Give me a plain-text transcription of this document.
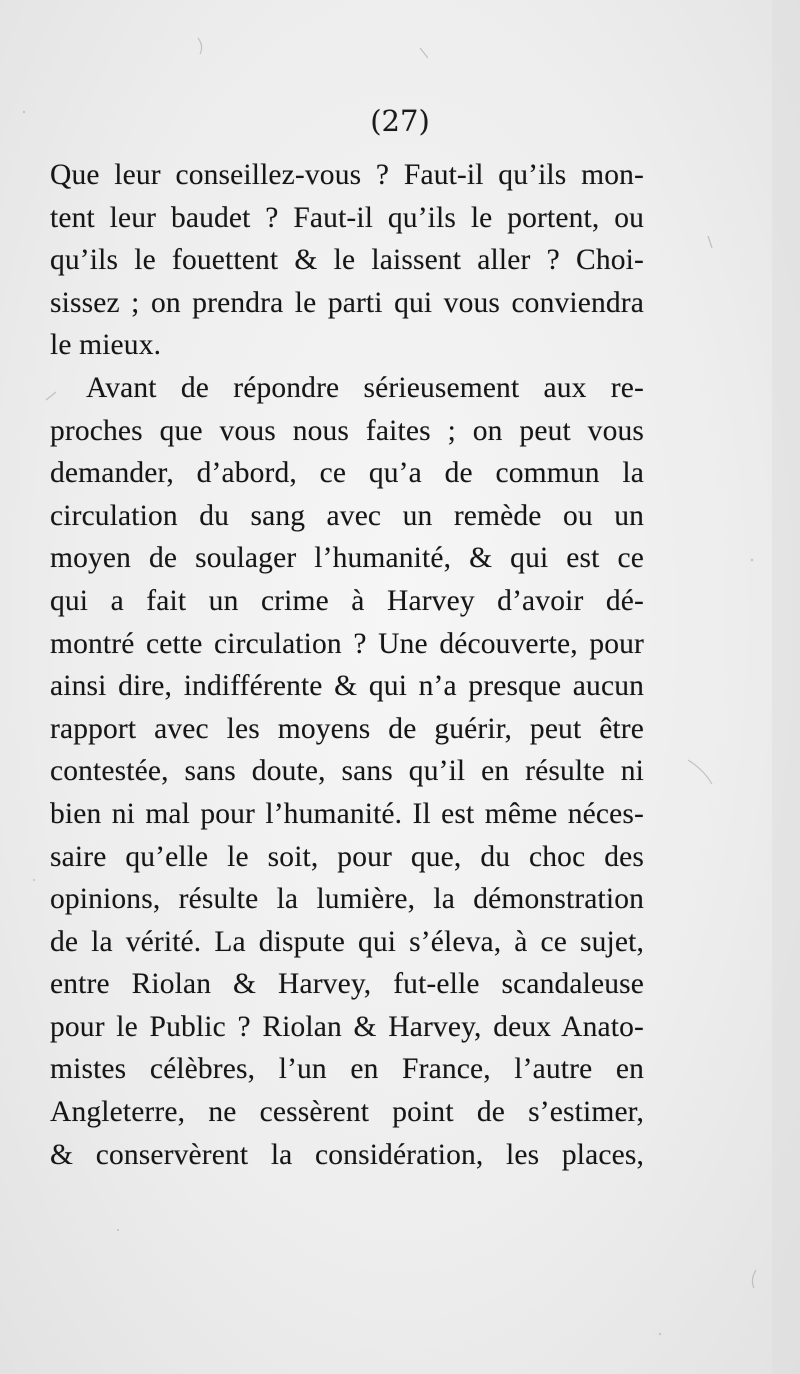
(27)
Que leur conseillez-vous ? Faut-il qu’ils mon-
tent leur baudet ? Faut-il qu’ils le portent, ou
qu’ils le fouettent & le laissent aller ? Choi-
sissez ; on prendra le parti qui vous conviendra
le mieux.
Avant de répondre sérieusement aux re-
proches que vous nous faites ; on peut vous
demander, d’abord, ce qu’a de commun la
circulation du sang avec un remède ou un
moyen de soulager l’humanité, & qui est ce
qui a fait un crime à Harvey d’avoir dé-
montré cette circulation ? Une découverte, pour
ainsi dire, indifférente & qui n’a presque aucun
rapport avec les moyens de guérir, peut être
contestée, sans doute, sans qu’il en résulte ni
bien ni mal pour l’humanité. Il est même néces-
saire qu’elle le soit, pour que, du choc des
opinions, résulte la lumière, la démonstration
de la vérité. La dispute qui s’éleva, à ce sujet,
entre Riolan & Harvey, fut-elle scandaleuse
pour le Public ? Riolan & Harvey, deux Anato-
mistes célèbres, l’un en France, l’autre en
Angleterre, ne cessèrent point de s’estimer,
& conservèrent la considération, les places,
